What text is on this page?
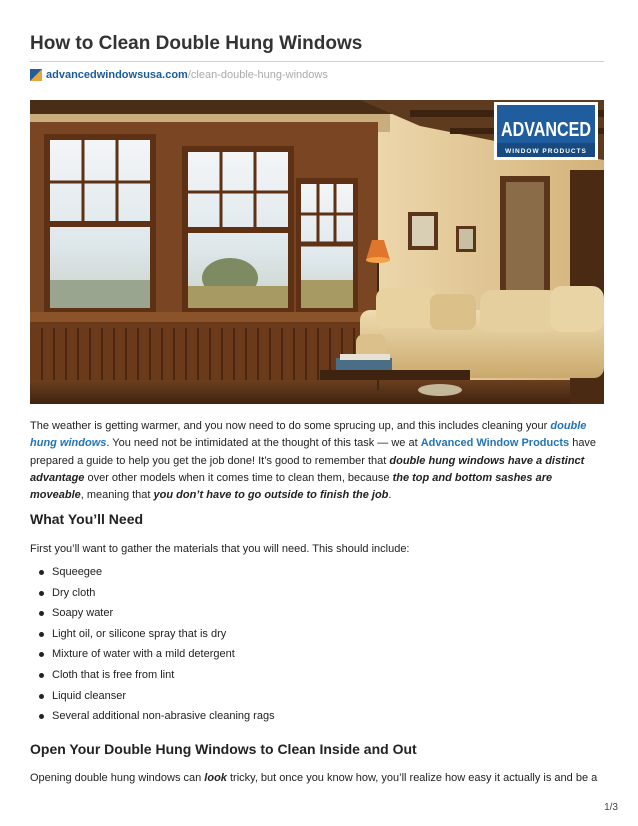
How to Clean Double Hung Windows
advancedwindowsusa.com /clean-double-hung-windows
ADVANCED
WINDOW PRODUCTS

The weather is getting warmer, and you now need to do some sprucing up, and this includes cleaning your double hung windows. You need not be intimidated at the thought of this task — we at Advanced Window Products have prepared a guide to help you get the job done! It’s good to remember that double hung windows have a distinct advantage over other models when it comes time to clean them, because the top and bottom sashes are moveable, meaning that you don’t have to go outside to finish the job.

What You’ll Need

First you’ll want to gather the materials that you will need. This should include:

Squeegee
Dry cloth
Soapy water
Light oil, or silicone spray that is dry
Mixture of water with a mild detergent
Cloth that is free from lint
Liquid cleanser
Several additional non-abrasive cleaning rags
Open Your Double Hung Windows to Clean Inside and Out

Opening double hung windows can look tricky, but once you know how, you’ll realize how easy it actually is and be a

1/3
